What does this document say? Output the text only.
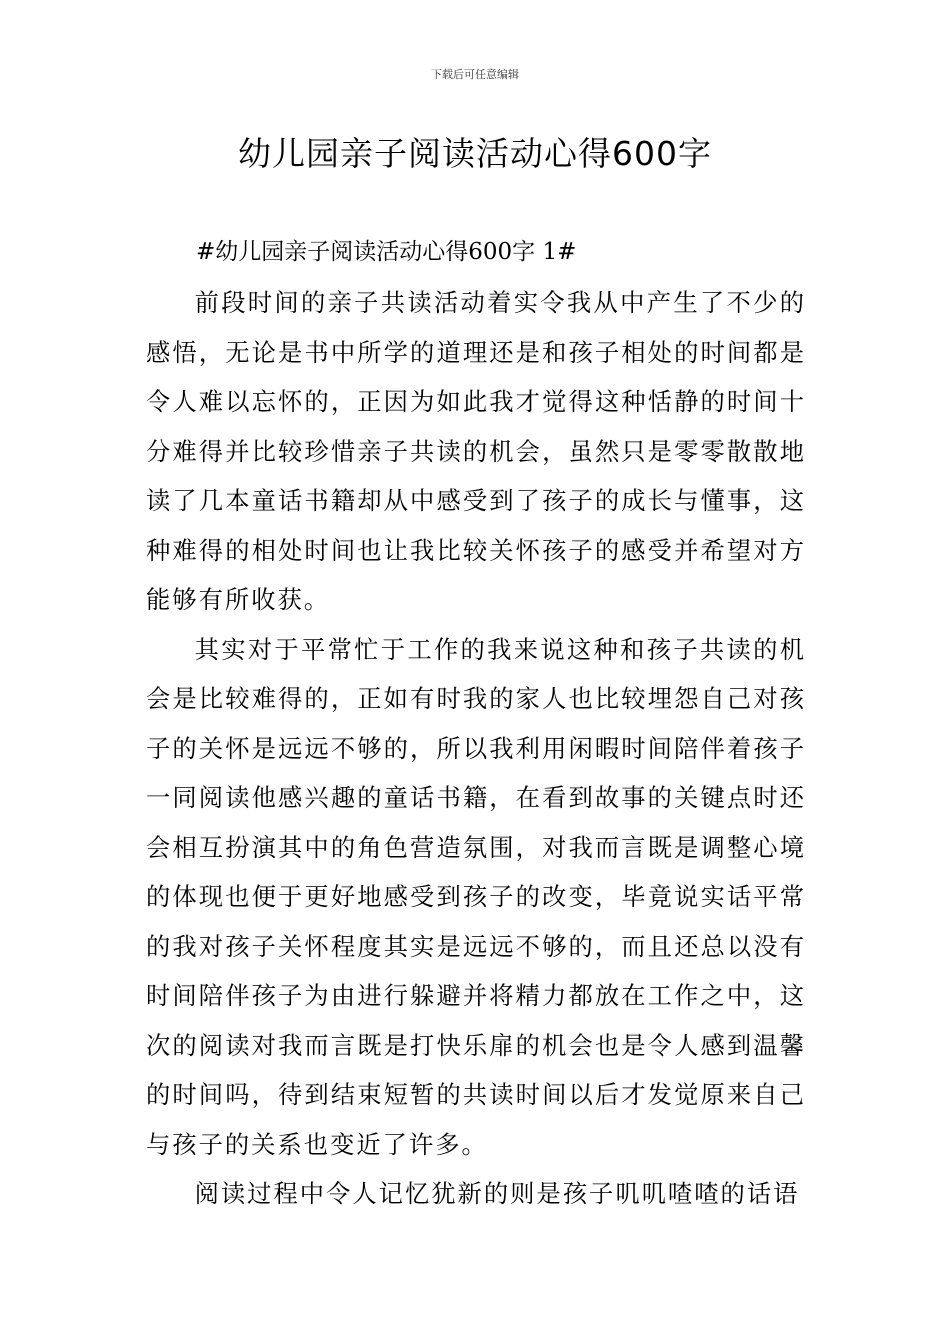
下载后可任意编辑
幼儿园亲子阅读活动心得600字

#幼儿园亲子阅读活动心得600字 1#

前段时间的亲子共读活动着实令我从中产生了不少的感悟，无论是书中所学的道理还是和孩子相处的时间都是令人难以忘怀的，正因为如此我才觉得这种恬静的时间十分难得并比较珍惜亲子共读的机会，虽然只是零零散散地读了几本童话书籍却从中感受到了孩子的成长与懂事，这种难得的相处时间也让我比较关怀孩子的感受并希望对方能够有所收获。

其实对于平常忙于工作的我来说这种和孩子共读的机会是比较难得的，正如有时我的家人也比较埋怨自己对孩子的关怀是远远不够的，所以我利用闲暇时间陪伴着孩子一同阅读他感兴趣的童话书籍，在看到故事的关键点时还会相互扮演其中的角色营造氛围，对我而言既是调整心境的体现也便于更好地感受到孩子的改变，毕竟说实话平常的我对孩子关怀程度其实是远远不够的，而且还总以没有时间陪伴孩子为由进行躲避并将精力都放在工作之中，这次的阅读对我而言既是打快乐扉的机会也是令人感到温馨的时间吗，待到结束短暂的共读时间以后才发觉原来自己与孩子的关系也变近了许多。

阅读过程中令人记忆犹新的则是孩子叽叽喳喳的话语
